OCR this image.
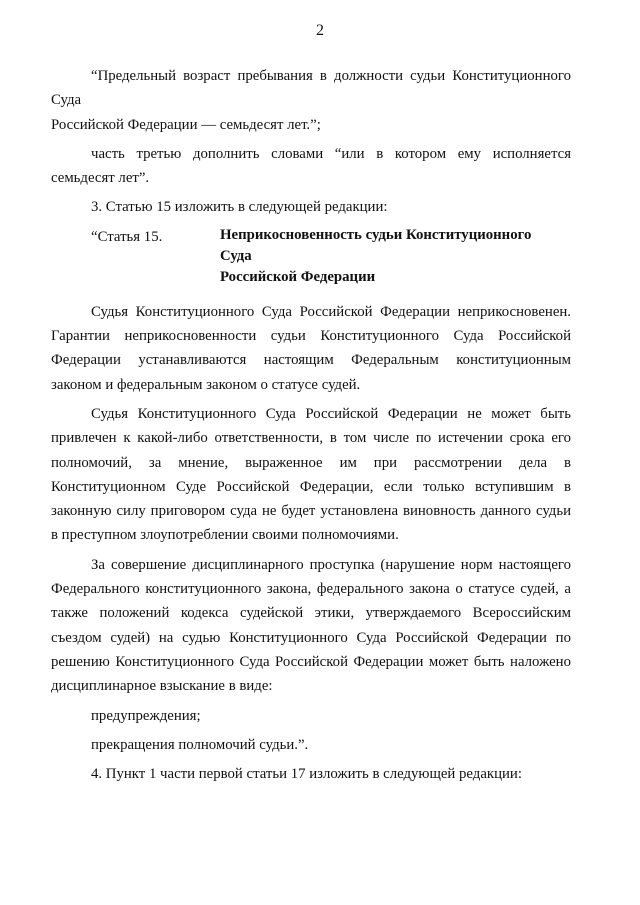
2

“Предельный возраст пребывания в должности судьи Конституционного Суда

Российской Федерации — семьдесят лет.”;

часть третью дополнить словами “или в котором ему исполняется

семьдесят лет”.

3. Статью 15 изложить в следующей редакции:

“Статья 15.	Неприкосновенность судьи Конституционного Суда
Российской Федерации

Судья Конституционного Суда Российской Федерации неприкосновенен.

Гарантии неприкосновенности судьи Конституционного Суда Российской

Федерации устанавливаются настоящим Федеральным конституционным

законом и федеральным законом о статусе судей.

Судья Конституционного Суда Российской Федерации не может быть

привлечен к какой-либо ответственности, в том числе по истечении срока его

полномочий, за мнение, выраженное им при рассмотрении дела в

Конституционном Суде Российской Федерации, если только вступившим в

законную силу приговором суда не будет установлена виновность данного судьи

в преступном злоупотреблении своими полномочиями.

За совершение дисциплинарного проступка (нарушение норм настоящего

Федерального конституционного закона, федерального закона о статусе судей, а

также положений кодекса судейской этики, утверждаемого Всероссийским

съездом судей) на судью Конституционного Суда Российской Федерации по

решению Конституционного Суда Российской Федерации может быть наложено

дисциплинарное взыскание в виде:

предупреждения;

прекращения полномочий судьи.”.

4. Пункт 1 части первой статьи 17 изложить в следующей редакции:
